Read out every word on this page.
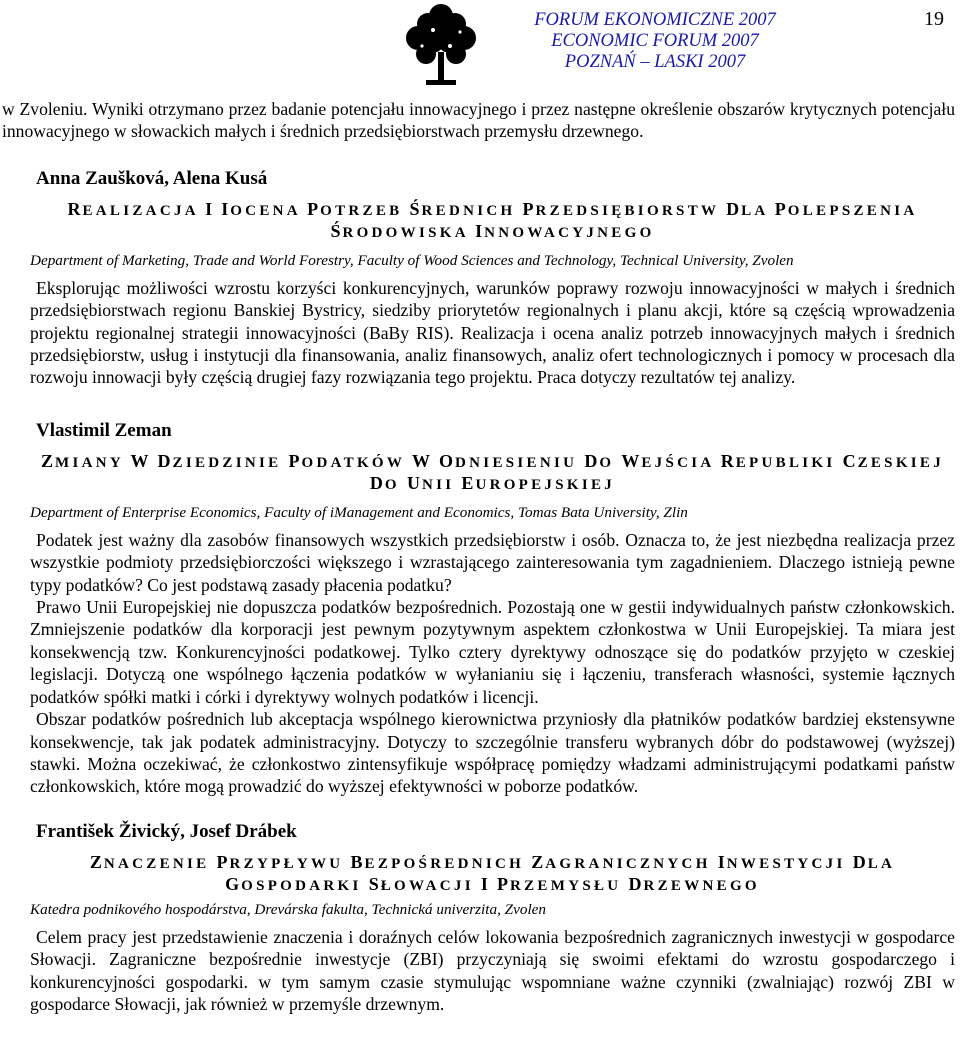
FORUM EKONOMICZNE 2007
ECONOMIC FORUM 2007
POZNAŃ – LASKI 2007
19

w Zvoleniu. Wyniki otrzymano przez badanie potencjału innowacyjnego i przez następne określenie obszarów krytycznych potencjału innowacyjnego w słowackich małych i średnich przedsiębiorstwach przemysłu drzewnego.

Anna Zaušková, Alena Kusá
REALIZACJA I IOCENA POTRZEB ŚREDNICH PRZEDSIĘBIORSTW DLA POLEPSZENIA
ŚRODOWISKA INNOWACYJNEGO
Department of Marketing, Trade and World Forestry, Faculty of Wood Sciences and Technology, Technical University, Zvolen

Eksplorując możliwości wzrostu korzyści konkurencyjnych, warunków poprawy rozwoju innowacyjności w małych i średnich przedsiębiorstwach regionu Banskiej Bystricy, siedziby priorytetów regionalnych i planu akcji, które są częścią wprowadzenia projektu regionalnej strategii innowacyjności (BaBy RIS). Realizacja i ocena analiz potrzeb innowacyjnych małych i średnich przedsiębiorstw, usług i instytucji dla finansowania, analiz finansowych, analiz ofert technologicznych i pomocy w procesach dla rozwoju innowacji były częścią drugiej fazy rozwiązania tego projektu. Praca dotyczy rezultatów tej analizy.

Vlastimil Zeman
ZMIANY W DZIEDZINIE PODATKÓW W ODNIESIENIU DO WEJŚCIA REPUBLIKI CZESKIEJ
DO UNII EUROPEJSKIEJ
Department of Enterprise Economics, Faculty of iManagement and Economics, Tomas Bata University, Zlin

Podatek jest ważny dla zasobów finansowych wszystkich przedsiębiorstw i osób. Oznacza to, że jest niezbędna realizacja przez wszystkie podmioty przedsiębiorczości większego i wzrastającego zainteresowania tym zagadnieniem. Dlaczego istnieją pewne typy podatków? Co jest podstawą zasady płacenia podatku?

Prawo Unii Europejskiej nie dopuszcza podatków bezpośrednich. Pozostają one w gestii indywidualnych państw członkowskich. Zmniejszenie podatków dla korporacji jest pewnym pozytywnym aspektem członkostwa w Unii Europejskiej. Ta miara jest konsekwencją tzw. Konkurencyjności podatkowej. Tylko cztery dyrektywy odnoszące się do podatków przyjęto w czeskiej legislacji. Dotyczą one wspólnego łączenia podatków w wyłanianiu się i łączeniu, transferach własności, systemie łącznych podatków spółki matki i córki i dyrektywy wolnych podatków i licencji.

Obszar podatków pośrednich lub akceptacja wspólnego kierownictwa przyniosły dla płatników podatków bardziej ekstensywne konsekwencje, tak jak podatek administracyjny. Dotyczy to szczególnie transferu wybranych dóbr do podstawowej (wyższej) stawki. Można oczekiwać, że członkostwo zintensyfikuje współpracę pomiędzy władzami administrującymi podatkami państw członkowskich, które mogą prowadzić do wyższej efektywności w poborze podatków.

František Živický, Josef Drábek
ZNACZENIE PRZYPŁYWU BEZPOŚREDNICH ZAGRANICZNYCH INWESTYCJI DLA
GOSPODARKI SŁOWACJI I PRZEMYSŁU DRZEWNEGO
Katedra podnikového hospodárstva, Drevárska fakulta, Technická univerzita, Zvolen

Celem pracy jest przedstawienie znaczenia i doraźnych celów lokowania bezpośrednich zagranicznych inwestycji w gospodarce Słowacji. Zagraniczne bezpośrednie inwestycje (ZBI) przyczyniają się swoimi efektami do wzrostu gospodarczego i konkurencyjności gospodarki. w tym samym czasie stymulując wspomniane ważne czynniki (zwalniając) rozwój ZBI w gospodarce Słowacji, jak również w przemyśle drzewnym.
